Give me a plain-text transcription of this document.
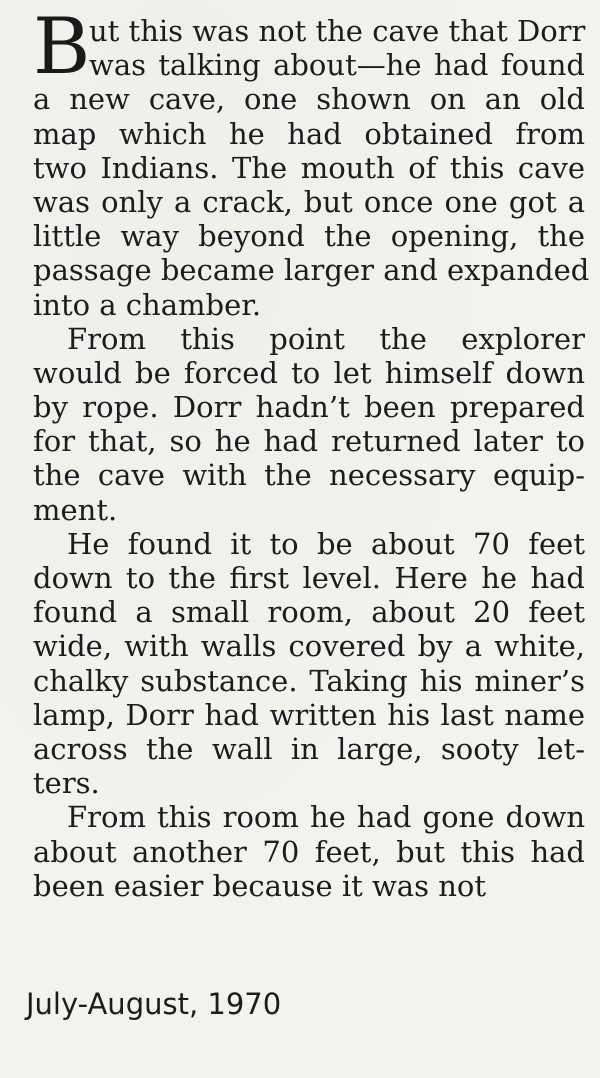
B
ut this was not the cave that Dorr
was talking about—he had found
a new cave, one shown on an old
map which he had obtained from
two Indians. The mouth of this cave
was only a crack, but once one got a
little way beyond the opening, the
passage became larger and expanded
into a chamber.
From this point the explorer
would be forced to let himself down
by rope. Dorr hadn’t been prepared
for that, so he had returned later to
the cave with the necessary equip-
ment.
He found it to be about 70 feet
down to the first level. Here he had
found a small room, about 20 feet
wide, with walls covered by a white,
chalky substance. Taking his miner’s
lamp, Dorr had written his last name
across the wall in large, sooty let-
ters.
From this room he had gone down
about another 70 feet, but this had
been easier because it was not
July-August, 1970
